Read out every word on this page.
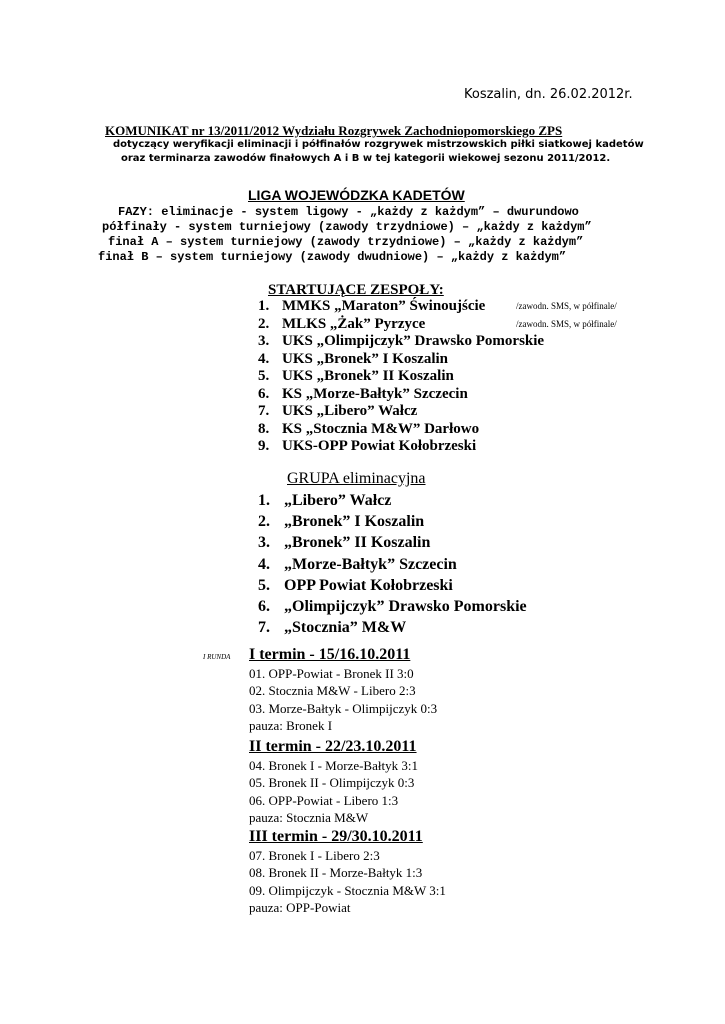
Koszalin, dn. 26.02.2012r.
KOMUNIKAT nr 13/2011/2012 Wydziału Rozgrywek Zachodniopomorskiego ZPS
dotyczący weryfikacji eliminacji i półfinałów rozgrywek mistrzowskich piłki siatkowej kadetów
oraz terminarza zawodów finałowych A i B w tej kategorii wiekowej sezonu 2011/2012.
LIGA WOJEWÓDZKA KADETÓW
FAZY: eliminacje - system ligowy - „każdy z każdym” – dwurundowo
półfinały - system turniejowy (zawody trzydniowe) – „każdy z każdym”
finał A – system turniejowy (zawody trzydniowe) – „każdy z każdym”
finał B – system turniejowy (zawody dwudniowe) – „każdy z każdym”
STARTUJĄCE ZESPOŁY:
1. MMKS „Maraton” Świnoujście	/zawodn. SMS, w półfinale/
2. MLKS „Żak” Pyrzyce	/zawodn. SMS, w półfinale/
3. UKS „Olimpijczyk” Drawsko Pomorskie
4. UKS „Bronek” I Koszalin
5. UKS „Bronek” II Koszalin
6. KS „Morze-Bałtyk” Szczecin
7. UKS „Libero” Wałcz
8. KS „Stocznia M&W” Darłowo
9. UKS-OPP Powiat Kołobrzeski
GRUPA eliminacyjna
1. „Libero” Wałcz
2. „Bronek” I Koszalin
3. „Bronek” II Koszalin
4. „Morze-Bałtyk” Szczecin
5. OPP Powiat Kołobrzeski
6. „Olimpijczyk” Drawsko Pomorskie
7. „Stocznia” M&W
I RUNDA I termin - 15/16.10.2011
01. OPP-Powiat - Bronek II 3:0
02. Stocznia M&W - Libero 2:3
03. Morze-Bałtyk - Olimpijczyk 0:3
pauza: Bronek I
II termin - 22/23.10.2011
04. Bronek I - Morze-Bałtyk 3:1
05. Bronek II - Olimpijczyk 0:3
06. OPP-Powiat - Libero 1:3
pauza: Stocznia M&W
III termin - 29/30.10.2011
07. Bronek I - Libero 2:3
08. Bronek II - Morze-Bałtyk 1:3
09. Olimpijczyk - Stocznia M&W 3:1
pauza: OPP-Powiat
